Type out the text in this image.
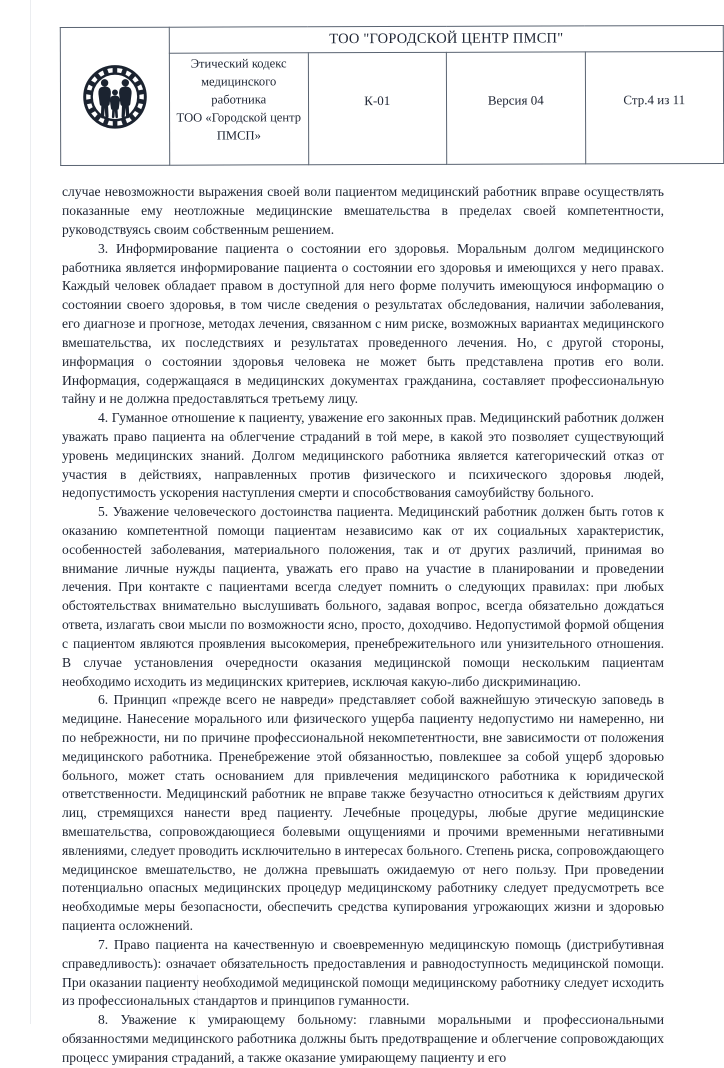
	ТОО "ГОРОДСКОЙ ЦЕНТР ПМСП"			

	Этический кодекс медицинского работника
ТОО «Городской центр ПМСП»	К-01	Версия 04	Стр.4 из 11

случае невозможности выражения своей воли пациентом медицинский работник вправе осуществлять показанные ему неотложные медицинские вмешательства в пределах своей компетентности, руководствуясь своим собственным решением.

3. Информирование пациента о состоянии его здоровья. Моральным долгом медицинского работника является информирование пациента о состоянии его здоровья и имеющихся у него правах. Каждый человек обладает правом в доступной для него форме получить имеющуюся информацию о состоянии своего здоровья, в том числе сведения о результатах обследования, наличии заболевания, его диагнозе и прогнозе, методах лечения, связанном с ним риске, возможных вариантах медицинского вмешательства, их последствиях и результатах проведенного лечения. Но, с другой стороны, информация о состоянии здоровья человека не может быть представлена против его воли. Информация, содержащаяся в медицинских документах гражданина, составляет профессиональную тайну и не должна предоставляться третьему лицу.

4. Гуманное отношение к пациенту, уважение его законных прав. Медицинский работник должен уважать право пациента на облегчение страданий в той мере, в какой это позволяет существующий уровень медицинских знаний. Долгом медицинского работника является категорический отказ от участия в действиях, направленных против физического и психического здоровья людей, недопустимость ускорения наступления смерти и способствования самоубийству больного.

5. Уважение человеческого достоинства пациента. Медицинский работник должен быть готов к оказанию компетентной помощи пациентам независимо как от их социальных характеристик, особенностей заболевания, материального положения, так и от других различий, принимая во внимание личные нужды пациента, уважать его право на участие в планировании и проведении лечения. При контакте с пациентами всегда следует помнить о следующих правилах: при любых обстоятельствах внимательно выслушивать больного, задавая вопрос, всегда обязательно дождаться ответа, излагать свои мысли по возможности ясно, просто, доходчиво. Недопустимой формой общения с пациентом являются проявления высокомерия, пренебрежительного или унизительного отношения. В случае установления очередности оказания медицинской помощи нескольким пациентам необходимо исходить из медицинских критериев, исключая какую-либо дискриминацию.

6. Принцип «прежде всего не навреди» представляет собой важнейшую этическую заповедь в медицине. Нанесение морального или физического ущерба пациенту недопустимо ни намеренно, ни по небрежности, ни по причине профессиональной некомпетентности, вне зависимости от положения медицинского работника. Пренебрежение этой обязанностью, повлекшее за собой ущерб здоровью больного, может стать основанием для привлечения медицинского работника к юридической ответственности. Медицинский работник не вправе также безучастно относиться к действиям других лиц, стремящихся нанести вред пациенту. Лечебные процедуры, любые другие медицинские вмешательства, сопровождающиеся болевыми ощущениями и прочими временными негативными явлениями, следует проводить исключительно в интересах больного. Степень риска, сопровождающего медицинское вмешательство, не должна превышать ожидаемую от него пользу. При проведении потенциально опасных медицинских процедур медицинскому работнику следует предусмотреть все необходимые меры безопасности, обеспечить средства купирования угрожающих жизни и здоровью пациента осложнений.

7. Право пациента на качественную и своевременную медицинскую помощь (дистрибутивная справедливость): означает обязательность предоставления и равнодоступность медицинской помощи. При оказании пациенту необходимой медицинской помощи медицинскому работнику следует исходить из профессиональных стандартов и принципов гуманности.

8. Уважение к умирающему больному: главными моральными и профессиональными обязанностями медицинского работника должны быть предотвращение и облегчение сопровождающих процесс умирания страданий, а также оказание умирающему пациенту и его
